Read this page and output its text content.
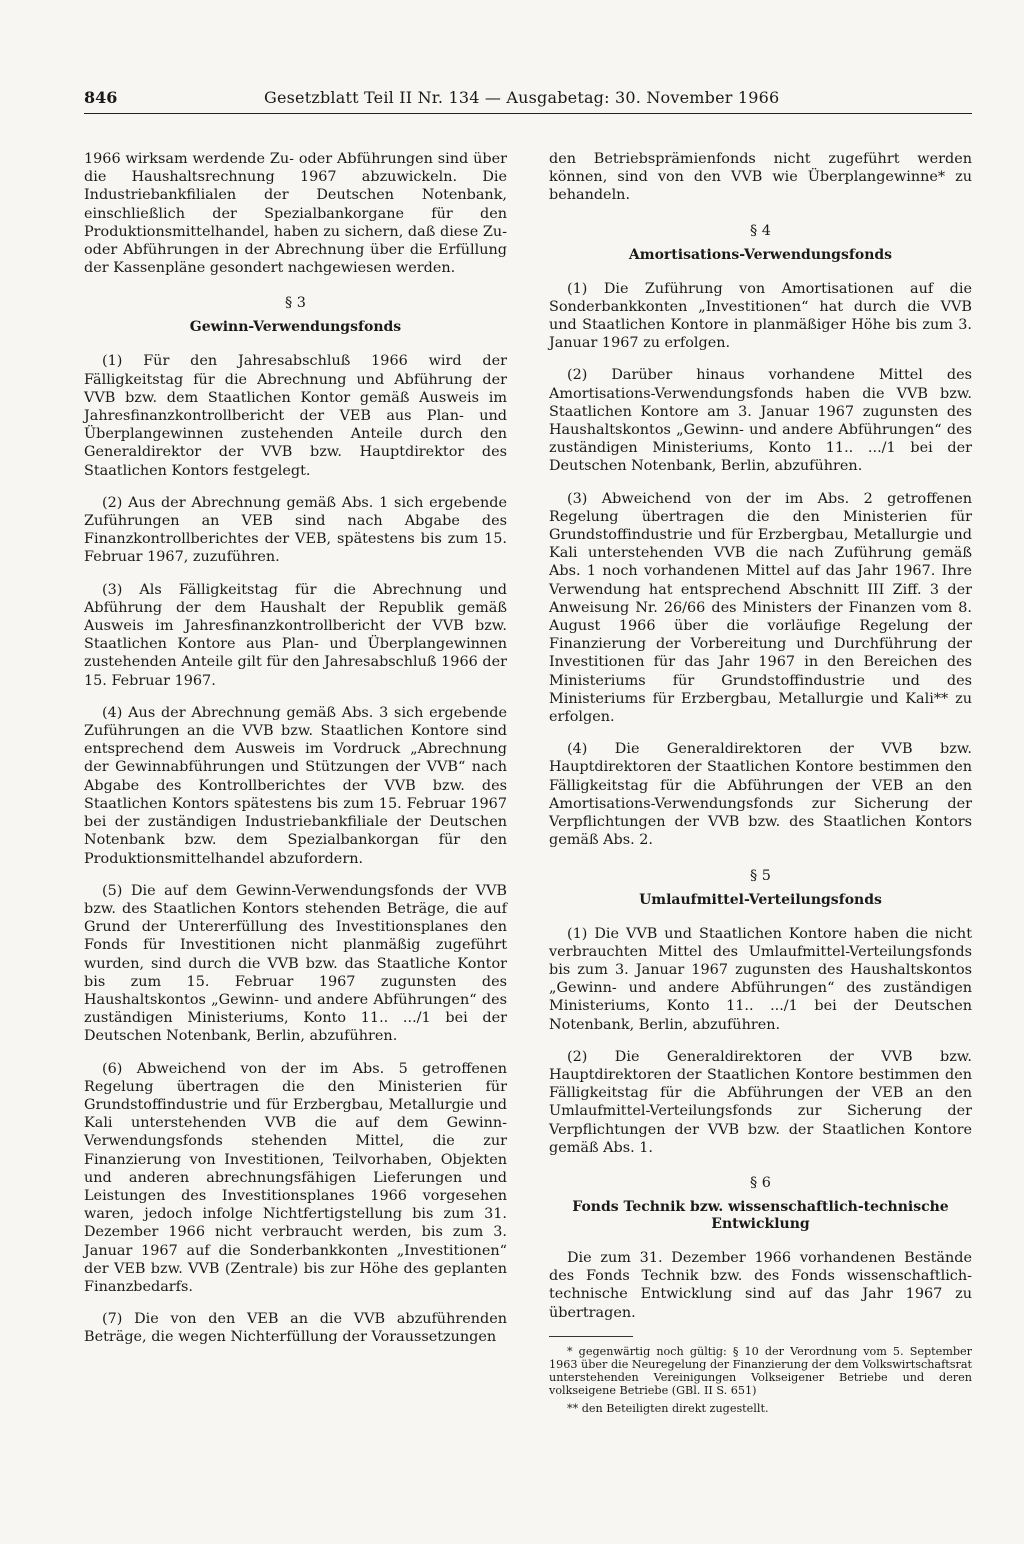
846	Gesetzblatt Teil II Nr. 134 — Ausgabetag: 30. November 1966

1966 wirksam werdende Zu- oder Abführungen sind über die Haushaltsrechnung 1967 abzuwickeln. Die Industriebankfilialen der Deutschen Notenbank, einschließlich der Spezialbankorgane für den Produktionsmittelhandel, haben zu sichern, daß diese Zu- oder Abführungen in der Abrechnung über die Erfüllung der Kassenpläne gesondert nachgewiesen werden.

§ 3
Gewinn-Verwendungsfonds

(1) Für den Jahresabschluß 1966 wird der Fälligkeitstag für die Abrechnung und Abführung der VVB bzw. dem Staatlichen Kontor gemäß Ausweis im Jahresfinanzkontrollbericht der VEB aus Plan- und Überplangewinnen zustehenden Anteile durch den Generaldirektor der VVB bzw. Hauptdirektor des Staatlichen Kontors festgelegt.

(2) Aus der Abrechnung gemäß Abs. 1 sich ergebende Zuführungen an VEB sind nach Abgabe des Finanzkontrollberichtes der VEB, spätestens bis zum 15. Februar 1967, zuzuführen.

(3) Als Fälligkeitstag für die Abrechnung und Abführung der dem Haushalt der Republik gemäß Ausweis im Jahresfinanzkontrollbericht der VVB bzw. Staatlichen Kontore aus Plan- und Überplangewinnen zustehenden Anteile gilt für den Jahresabschluß 1966 der 15. Februar 1967.

(4) Aus der Abrechnung gemäß Abs. 3 sich ergebende Zuführungen an die VVB bzw. Staatlichen Kontore sind entsprechend dem Ausweis im Vordruck „Abrechnung der Gewinnabführungen und Stützungen der VVB“ nach Abgabe des Kontrollberichtes der VVB bzw. des Staatlichen Kontors spätestens bis zum 15. Februar 1967 bei der zuständigen Industriebankfiliale der Deutschen Notenbank bzw. dem Spezialbankorgan für den Produktionsmittelhandel abzufordern.

(5) Die auf dem Gewinn-Verwendungsfonds der VVB bzw. des Staatlichen Kontors stehenden Beträge, die auf Grund der Untererfüllung des Investitionsplanes den Fonds für Investitionen nicht planmäßig zugeführt wurden, sind durch die VVB bzw. das Staatliche Kontor bis zum 15. Februar 1967 zugunsten des Haushaltskontos „Gewinn- und andere Abführungen“ des zuständigen Ministeriums, Konto 11.. .../1 bei der Deutschen Notenbank, Berlin, abzuführen.

(6) Abweichend von der im Abs. 5 getroffenen Regelung übertragen die den Ministerien für Grundstoffindustrie und für Erzbergbau, Metallurgie und Kali unterstehenden VVB die auf dem Gewinn-Verwendungsfonds stehenden Mittel, die zur Finanzierung von Investitionen, Teilvorhaben, Objekten und anderen abrechnungsfähigen Lieferungen und Leistungen des Investitionsplanes 1966 vorgesehen waren, jedoch infolge Nichtfertigstellung bis zum 31. Dezember 1966 nicht verbraucht werden, bis zum 3. Januar 1967 auf die Sonderbankkonten „Investitionen“ der VEB bzw. VVB (Zentrale) bis zur Höhe des geplanten Finanzbedarfs.

(7) Die von den VEB an die VVB abzuführenden Beträge, die wegen Nichterfüllung der Voraussetzungen

den Betriebsprämienfonds nicht zugeführt werden können, sind von den VVB wie Überplangewinne* zu behandeln.

§ 4
Amortisations-Verwendungsfonds

(1) Die Zuführung von Amortisationen auf die Sonderbankkonten „Investitionen“ hat durch die VVB und Staatlichen Kontore in planmäßiger Höhe bis zum 3. Januar 1967 zu erfolgen.

(2) Darüber hinaus vorhandene Mittel des Amortisations-Verwendungsfonds haben die VVB bzw. Staatlichen Kontore am 3. Januar 1967 zugunsten des Haushaltskontos „Gewinn- und andere Abführungen“ des zuständigen Ministeriums, Konto 11.. .../1 bei der Deutschen Notenbank, Berlin, abzuführen.

(3) Abweichend von der im Abs. 2 getroffenen Regelung übertragen die den Ministerien für Grundstoffindustrie und für Erzbergbau, Metallurgie und Kali unterstehenden VVB die nach Zuführung gemäß Abs. 1 noch vorhandenen Mittel auf das Jahr 1967. Ihre Verwendung hat entsprechend Abschnitt III Ziff. 3 der Anweisung Nr. 26/66 des Ministers der Finanzen vom 8. August 1966 über die vorläufige Regelung der Finanzierung der Vorbereitung und Durchführung der Investitionen für das Jahr 1967 in den Bereichen des Ministeriums für Grundstoffindustrie und des Ministeriums für Erzbergbau, Metallurgie und Kali** zu erfolgen.

(4) Die Generaldirektoren der VVB bzw. Hauptdirektoren der Staatlichen Kontore bestimmen den Fälligkeitstag für die Abführungen der VEB an den Amortisations-Verwendungsfonds zur Sicherung der Verpflichtungen der VVB bzw. des Staatlichen Kontors gemäß Abs. 2.

§ 5
Umlaufmittel-Verteilungsfonds

(1) Die VVB und Staatlichen Kontore haben die nicht verbrauchten Mittel des Umlaufmittel-Verteilungsfonds bis zum 3. Januar 1967 zugunsten des Haushaltskontos „Gewinn- und andere Abführungen“ des zuständigen Ministeriums, Konto 11.. .../1 bei der Deutschen Notenbank, Berlin, abzuführen.

(2) Die Generaldirektoren der VVB bzw. Hauptdirektoren der Staatlichen Kontore bestimmen den Fälligkeitstag für die Abführungen der VEB an den Umlaufmittel-Verteilungsfonds zur Sicherung der Verpflichtungen der VVB bzw. der Staatlichen Kontore gemäß Abs. 1.

§ 6
Fonds Technik bzw. wissenschaftlich-technische Entwicklung

Die zum 31. Dezember 1966 vorhandenen Bestände des Fonds Technik bzw. des Fonds wissenschaftlich-technische Entwicklung sind auf das Jahr 1967 zu übertragen.

* gegenwärtig noch gültig: § 10 der Verordnung vom 5. September 1963 über die Neuregelung der Finanzierung der dem Volkswirtschaftsrat unterstehenden Vereinigungen Volkseigener Betriebe und deren volkseigene Betriebe (GBl. II S. 651)

** den Beteiligten direkt zugestellt.
